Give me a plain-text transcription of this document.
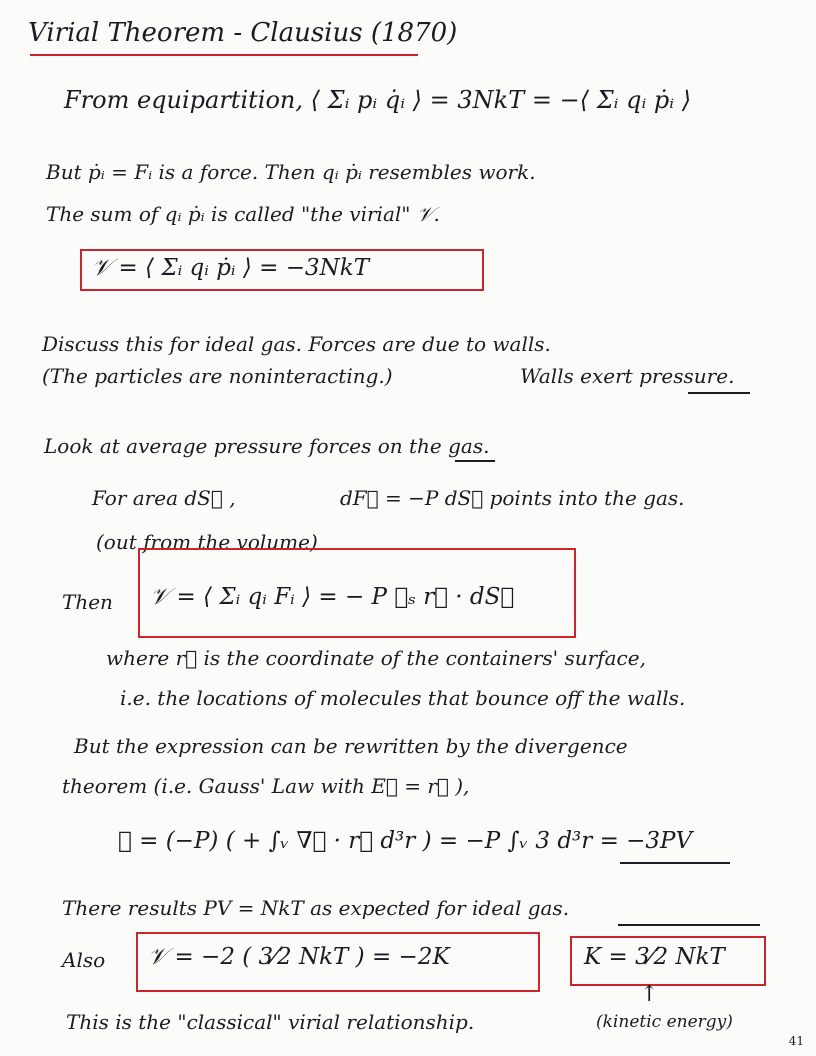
Virial Theorem - Clausius (1870)
From equipartition, ⟨ Σᵢ pᵢ q̇ᵢ ⟩ = 3NkT = −⟨ Σᵢ qᵢ ṗᵢ ⟩
But ṗᵢ = Fᵢ is a force. Then qᵢ ṗᵢ resembles work.
The sum of qᵢ ṗᵢ is called "the virial" 𝒱.
𝒱 = ⟨ Σᵢ qᵢ ṗᵢ ⟩ = −3NkT
Discuss this for ideal gas. Forces are due to walls.
(The particles are noninteracting.)	Walls exert pressure.
Look at average pressure forces on the gas.
For area dS⃗ ,	dF⃗ = −P dS⃗ points into the gas.
(out from the volume)
Then 𝒱 = ⟨ Σᵢ qᵢ Fᵢ ⟩ = − P ∮ₛ r⃗ · dS⃗
where r⃗ is the coordinate of the containers' surface,
i.e. the locations of molecules that bounce off the walls.
But the expression can be rewritten by the divergence
theorem (i.e. Gauss' Law with E⃗ = r⃗ ),
𝒱 = (−P) ( + ∫ᵥ ∇⃗ · r⃗ d³r ) = −P ∫ᵥ 3 d³r = −3PV
There results PV = NkT as expected for ideal gas.
Also 𝒱 = −2 ( 3⁄2 NkT ) = −2K	K = 3⁄2 NkT
This is the "classical" virial relationship.
↑
(kinetic energy)
41
